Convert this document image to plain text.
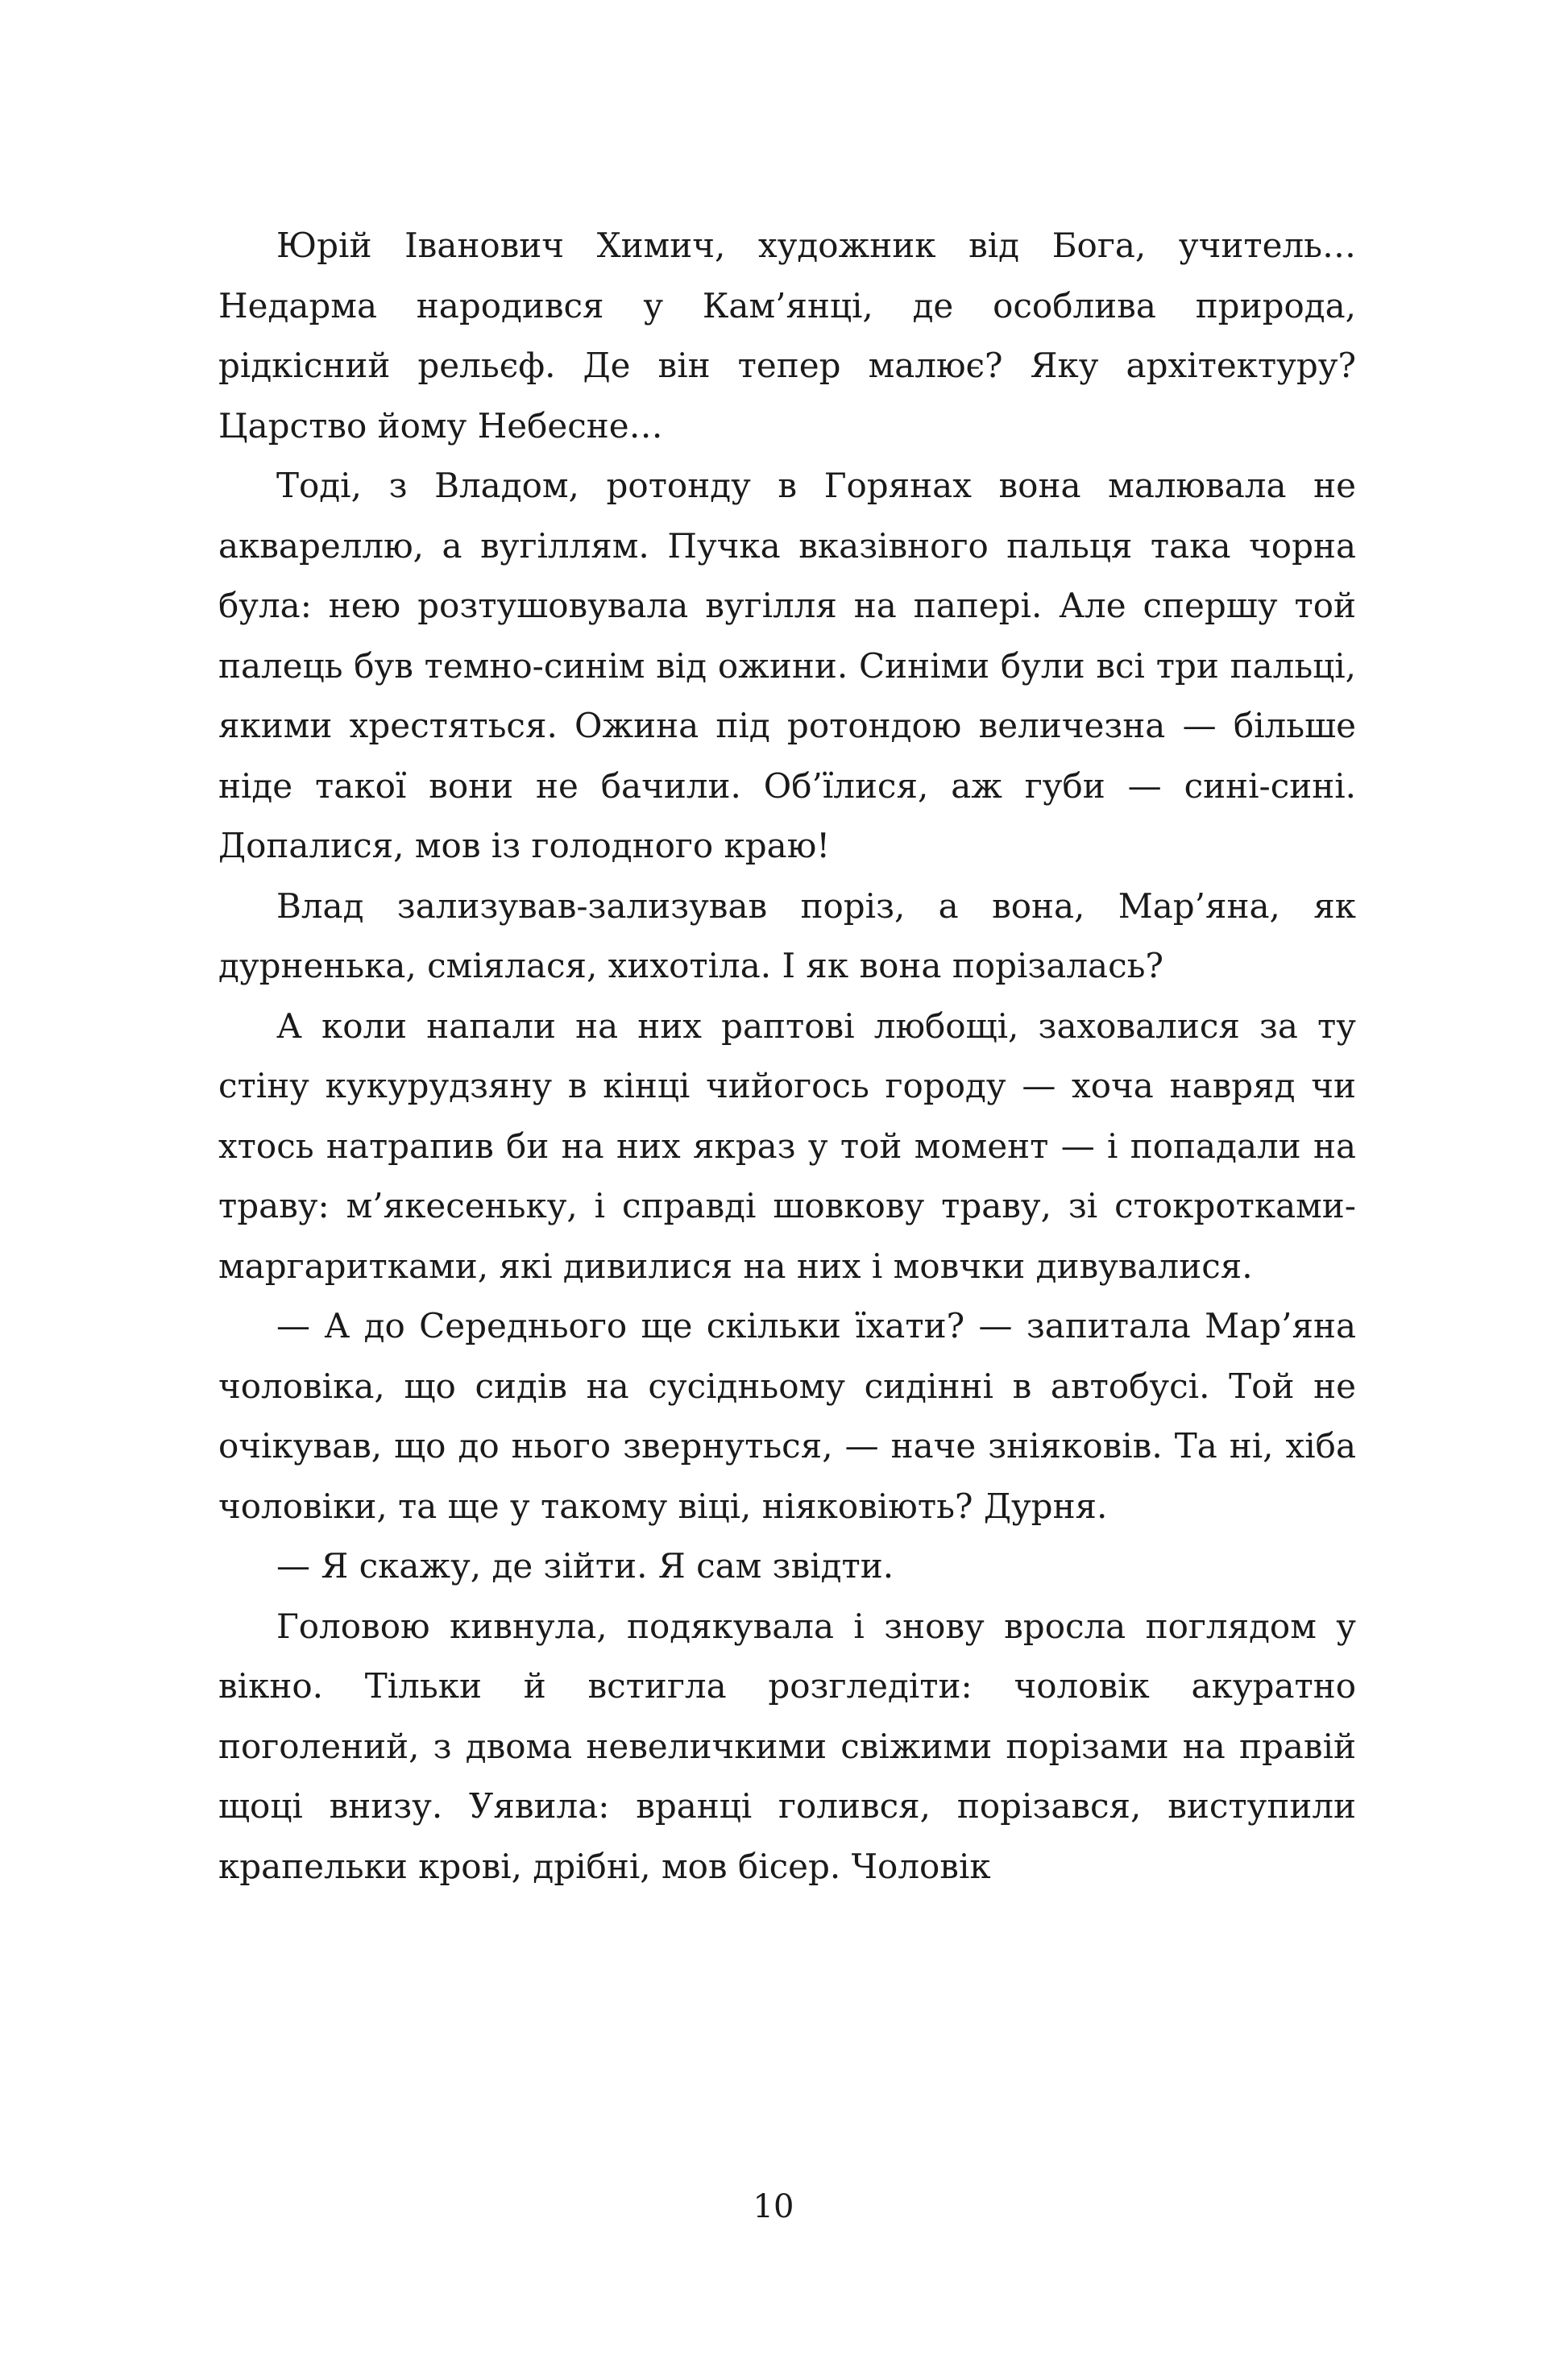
Юрій Іванович Химич, художник від Бога, учитель… Недарма народився у Кам’янці, де особлива природа, рідкісний рельєф. Де він тепер малює? Яку архітектуру? Царство йому Небесне…

Тоді, з Владом, ротонду в Горянах вона малювала не аквареллю, а вугіллям. Пучка вказівного пальця така чорна була: нею розтушовувала вугілля на папері. Але спершу той палець був темно-синім від ожини. Синіми були всі три пальці, якими хрестяться. Ожина під ротондою величезна — більше ніде такої вони не бачили. Об’їлися, аж губи — сині-сині. Допалися, мов із голодного краю!

Влад зализував-зализував поріз, а вона, Мар’яна, як дурненька, сміялася, хихотіла. І як вона порізалась?

А коли напали на них раптові любощі, заховалися за ту стіну кукурудзяну в кінці чийогось городу — хоча навряд чи хтось натрапив би на них якраз у той момент — і попадали на траву: м’якесеньку, і справді шовкову траву, зі стокротками-маргаритками, які дивилися на них і мовчки дивувалися.

— А до Середнього ще скільки їхати? — запитала Мар’яна чоловіка, що сидів на сусідньому сидінні в автобусі. Той не очікував, що до нього звернуться, — наче зніяковів. Та ні, хіба чоловіки, та ще у такому віці, ніяковіють? Дурня.

— Я скажу, де зійти. Я сам звідти.

Головою кивнула, подякувала і знову вросла поглядом у вікно. Тільки й встигла розгледіти: чоловік акуратно поголений, з двома невеличкими свіжими порізами на правій щоці внизу. Уявила: вранці голився, порізався, виступили крапельки крові, дрібні, мов бісер. Чоловік

10
